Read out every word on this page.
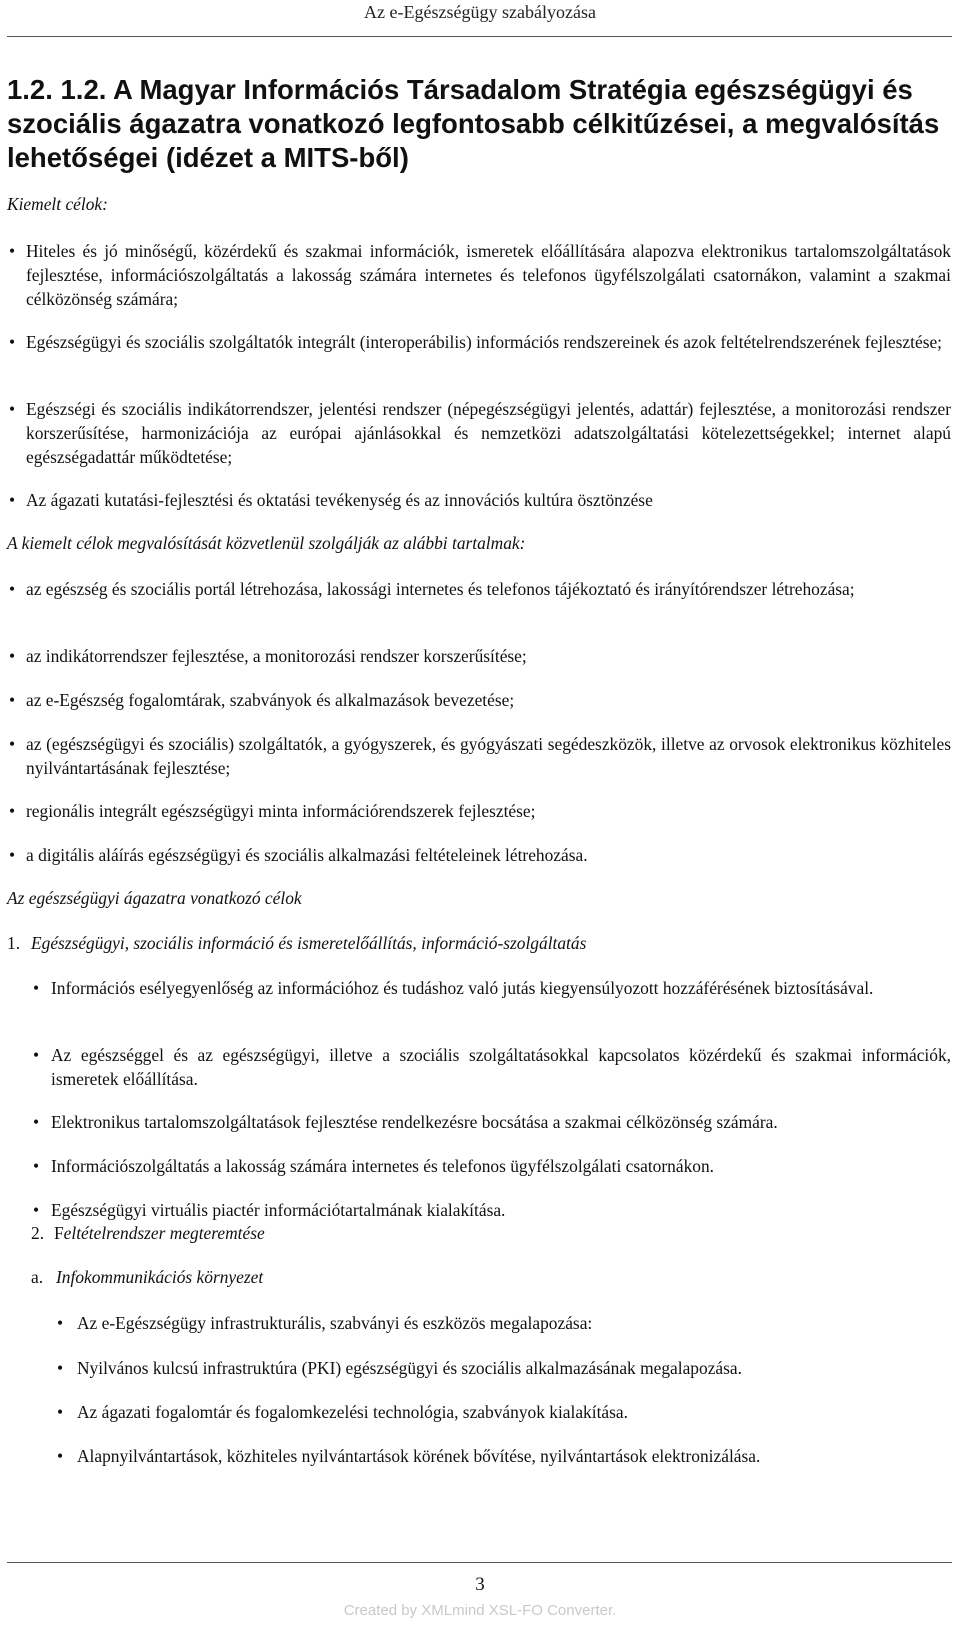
Az e-Egészségügy szabályozása
1.2. 1.2. A Magyar Információs Társadalom Stratégia egészségügyi és szociális ágazatra vonatkozó legfontosabb célkitűzései, a megvalósítás lehetőségei (idézet a MITS-ből)
Kiemelt célok:
• Hiteles és jó minőségű, közérdekű és szakmai információk, ismeretek előállítására alapozva elektronikus tartalomszolgáltatások fejlesztése, információszolgáltatás a lakosság számára internetes és telefonos ügyfélszolgálati csatornákon, valamint a szakmai célközönség számára;
• Egészségügyi és szociális szolgáltatók integrált (interoperábilis) információs rendszereinek és azok feltételrendszerének fejlesztése;
• Egészségi és szociális indikátorrendszer, jelentési rendszer (népegészségügyi jelentés, adattár) fejlesztése, a monitorozási rendszer korszerűsítése, harmonizációja az európai ajánlásokkal és nemzetközi adatszolgáltatási kötelezettségekkel; internet alapú egészségadattár működtetése;
• Az ágazati kutatási-fejlesztési és oktatási tevékenység és az innovációs kultúra ösztönzése
A kiemelt célok megvalósítását közvetlenül szolgálják az alábbi tartalmak:
• az egészség és szociális portál létrehozása, lakossági internetes és telefonos tájékoztató és irányítórendszer létrehozása;
• az indikátorrendszer fejlesztése, a monitorozási rendszer korszerűsítése;
• az e-Egészség fogalomtárak, szabványok és alkalmazások bevezetése;
• az (egészségügyi és szociális) szolgáltatók, a gyógyszerek, és gyógyászati segédeszközök, illetve az orvosok elektronikus közhiteles nyilvántartásának fejlesztése;
• regionális integrált egészségügyi minta információrendszerek fejlesztése;
• a digitális aláírás egészségügyi és szociális alkalmazási feltételeinek létrehozása.
Az egészségügyi ágazatra vonatkozó célok
1. Egészségügyi, szociális információ és ismeretelőállítás, információ-szolgáltatás
• Információs esélyegyenlőség az információhoz és tudáshoz való jutás kiegyensúlyozott hozzáférésének biztosításával.
• Az egészséggel és az egészségügyi, illetve a szociális szolgáltatásokkal kapcsolatos közérdekű és szakmai információk, ismeretek előállítása.
• Elektronikus tartalomszolgáltatások fejlesztése rendelkezésre bocsátása a szakmai célközönség számára.
• Információszolgáltatás a lakosság számára internetes és telefonos ügyfélszolgálati csatornákon.
• Egészségügyi virtuális piactér információtartalmának kialakítása.
2. Feltételrendszer megteremtése
a. Infokommunikációs környezet
• Az e-Egészségügy infrastrukturális, szabványi és eszközös megalapozása:
• Nyilvános kulcsú infrastruktúra (PKI) egészségügyi és szociális alkalmazásának megalapozása.
• Az ágazati fogalomtár és fogalomkezelési technológia, szabványok kialakítása.
• Alapnyilvántartások, közhiteles nyilvántartások körének bővítése, nyilvántartások elektronizálása.
3
Created by XMLmind XSL-FO Converter.
